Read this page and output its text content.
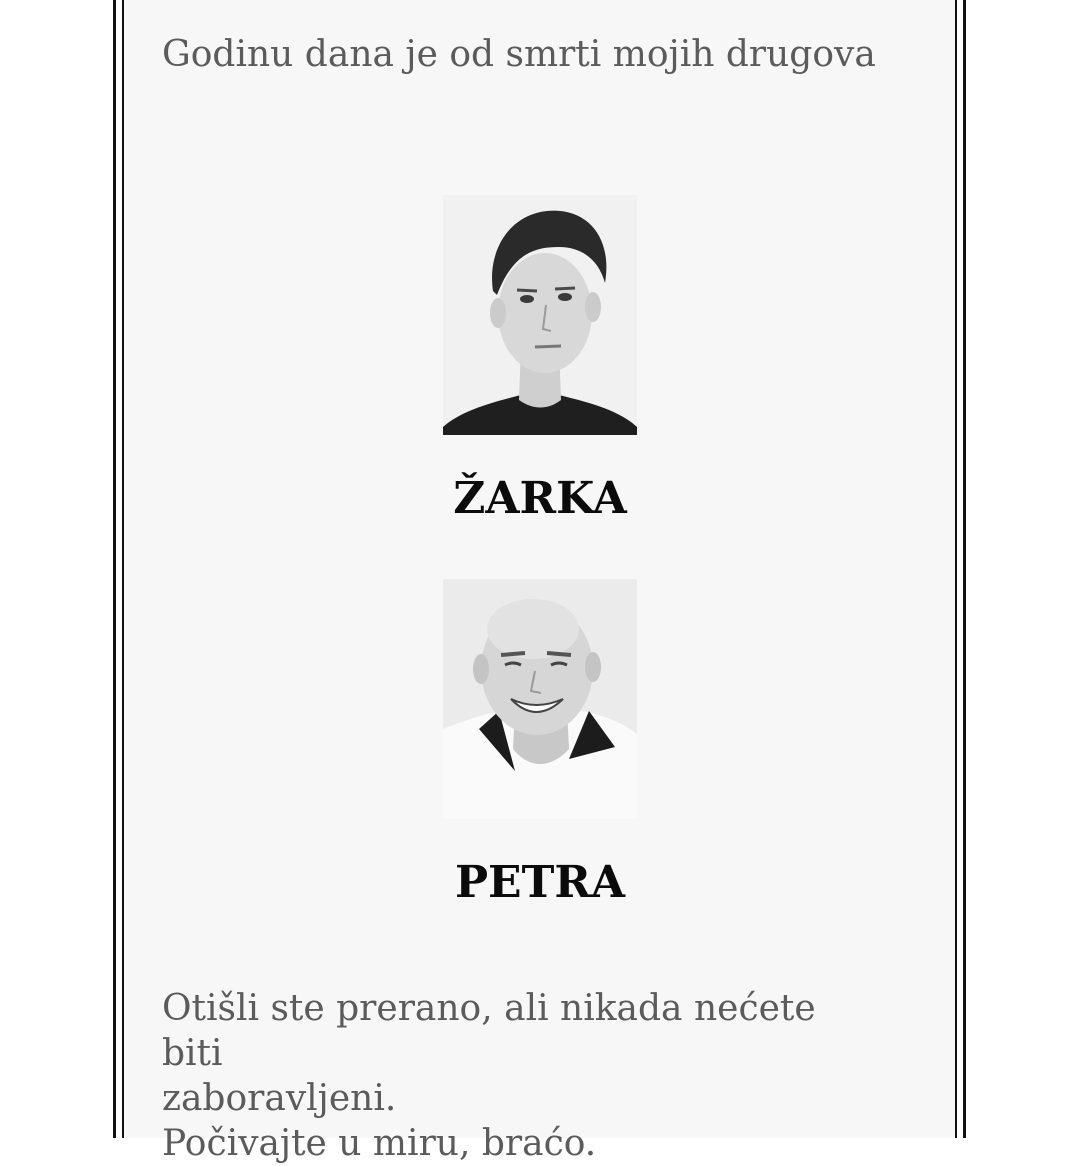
Godinu dana je od smrti mojih drugova

ŽARKA
PETRA

Otišli ste prerano, ali nikada nećete biti
zaboravljeni.
Počivajte u miru, braćo.
